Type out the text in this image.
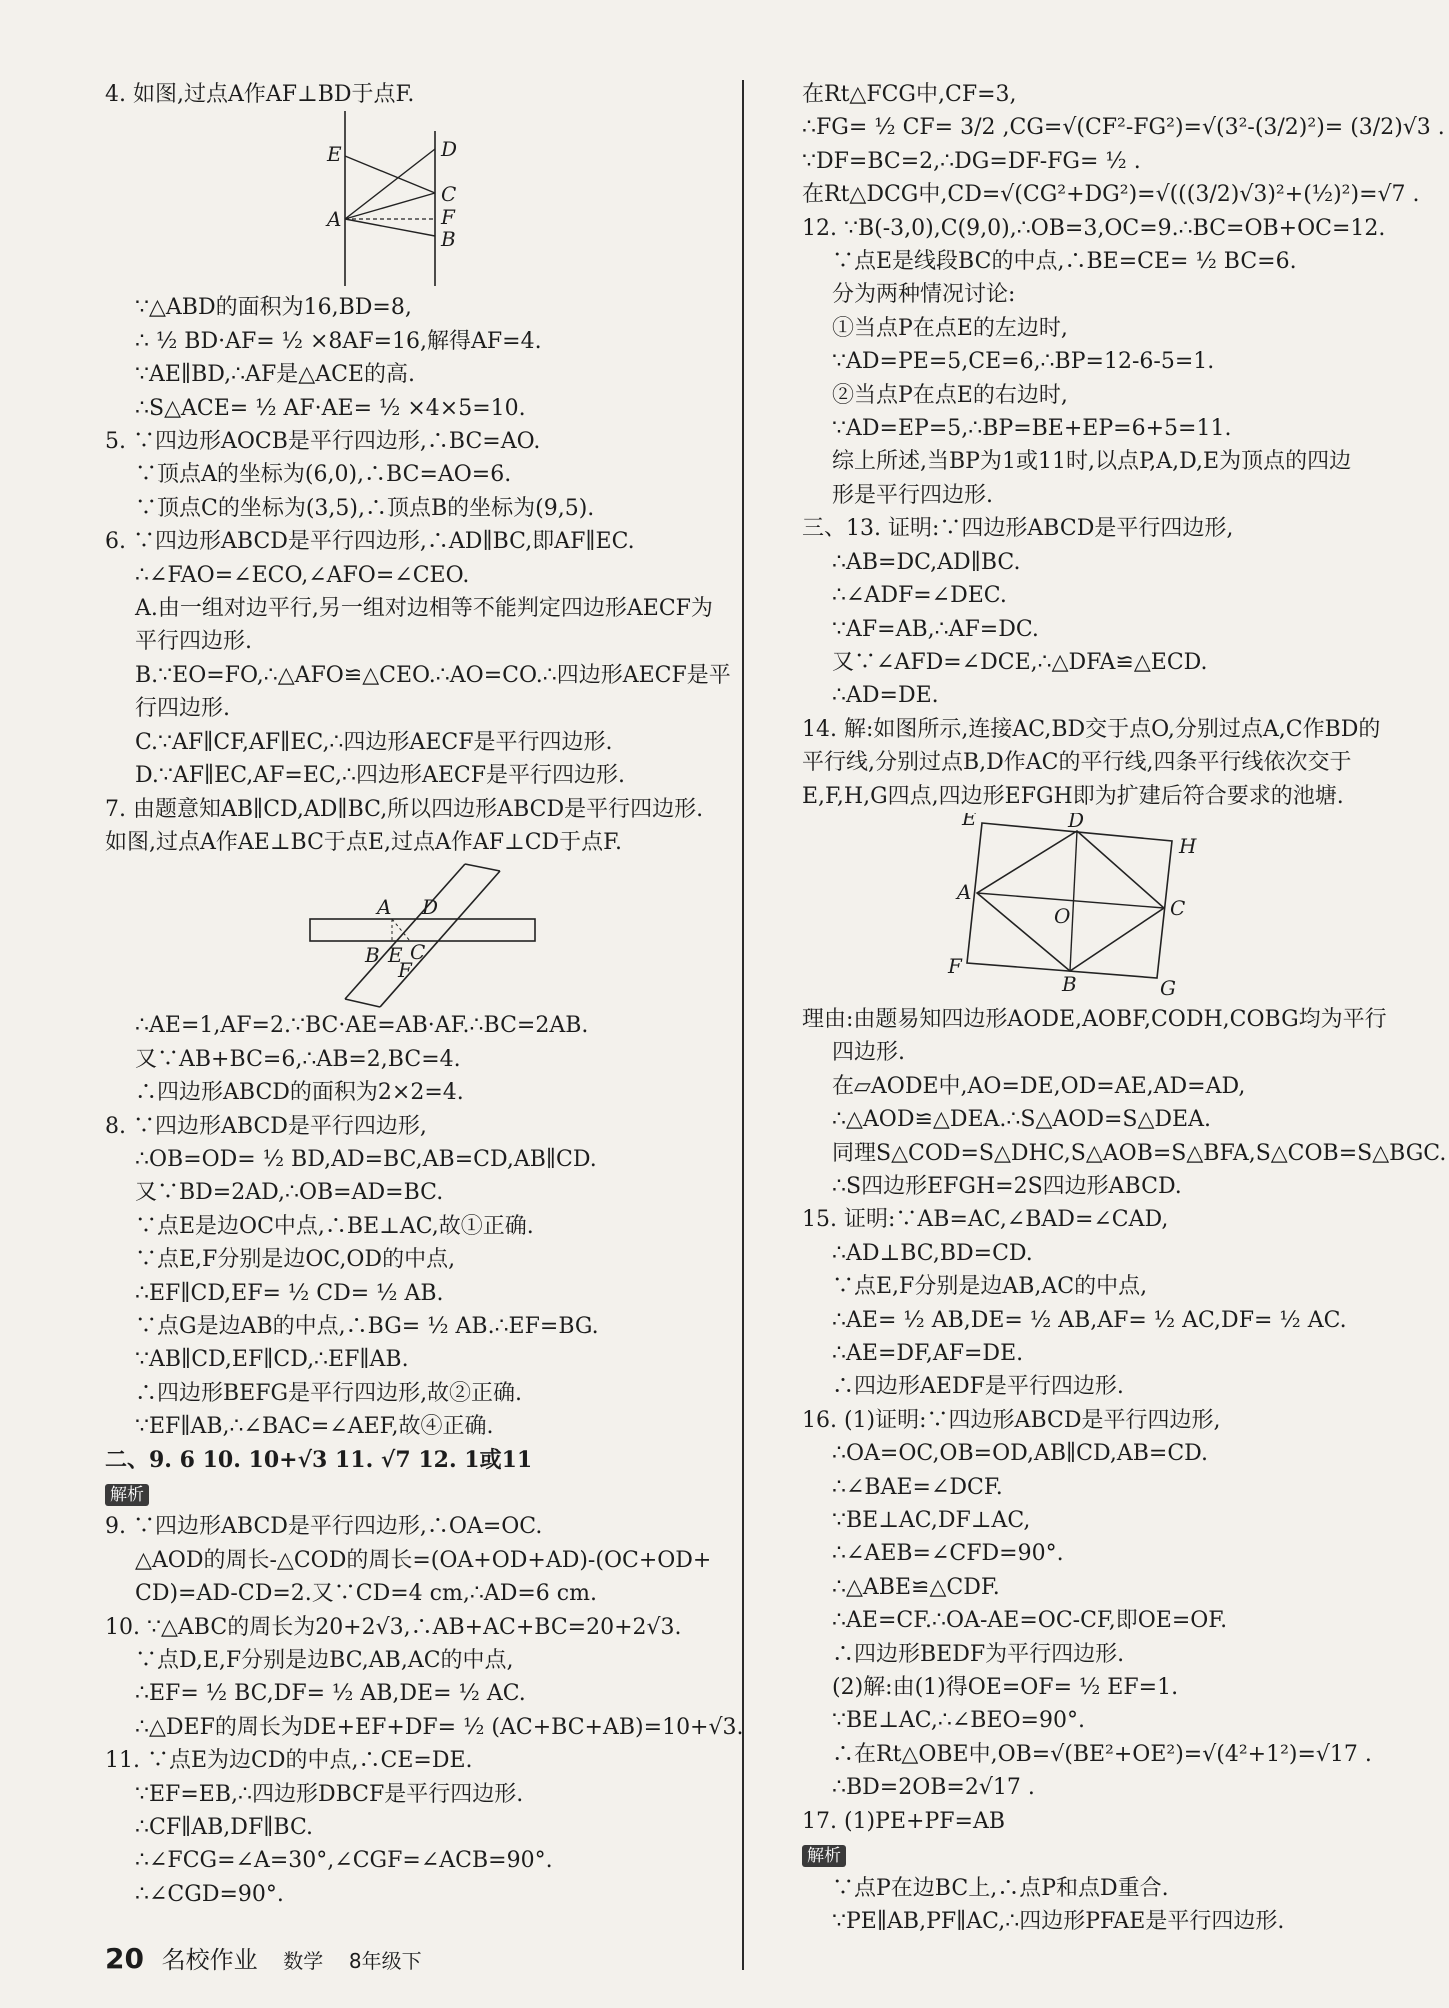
4. 如图,过点A作AF⊥BD于点F.
E	D
C
A	F
B
∵△ABD的面积为16,BD=8,
∴ ½ BD·AF= ½ ×8AF=16,解得AF=4.
∵AE∥BD,∴AF是△ACE的高.
∴S△ACE= ½ AF·AE= ½ ×4×5=10.
5. ∵四边形AOCB是平行四边形,∴BC=AO.
∵顶点A的坐标为(6,0),∴BC=AO=6.
∵顶点C的坐标为(3,5),∴顶点B的坐标为(9,5).
6. ∵四边形ABCD是平行四边形,∴AD∥BC,即AF∥EC.
∴∠FAO=∠ECO,∠AFO=∠CEO.
A.由一组对边平行,另一组对边相等不能判定四边形AECF为
平行四边形.
B.∵EO=FO,∴△AFO≌△CEO.∴AO=CO.∴四边形AECF是平
行四边形.
C.∵AF∥CF,AF∥EC,∴四边形AECF是平行四边形.
D.∵AF∥EC,AF=EC,∴四边形AECF是平行四边形.
7. 由题意知AB∥CD,AD∥BC,所以四边形ABCD是平行四边形.
如图,过点A作AE⊥BC于点E,过点A作AF⊥CD于点F.
A D
B E C
F
∴AE=1,AF=2.∵BC·AE=AB·AF.∴BC=2AB.
又∵AB+BC=6,∴AB=2,BC=4.
∴四边形ABCD的面积为2×2=4.
8. ∵四边形ABCD是平行四边形,
∴OB=OD= ½ BD,AD=BC,AB=CD,AB∥CD.
又∵BD=2AD,∴OB=AD=BC.
∵点E是边OC中点,∴BE⊥AC,故①正确.
∵点E,F分别是边OC,OD的中点,
∴EF∥CD,EF= ½ CD= ½ AB.
∵点G是边AB的中点,∴BG= ½ AB.∴EF=BG.
∵AB∥CD,EF∥CD,∴EF∥AB.
∴四边形BEFG是平行四边形,故②正确.
∵EF∥AB,∴∠BAC=∠AEF,故④正确.
二、9. 6 10. 10+√3 11. √7 12. 1或11
解析
9. ∵四边形ABCD是平行四边形,∴OA=OC.
△AOD的周长-△COD的周长=(OA+OD+AD)-(OC+OD+
CD)=AD-CD=2.又∵CD=4 cm,∴AD=6 cm.
10. ∵△ABC的周长为20+2√3,∴AB+AC+BC=20+2√3.
∵点D,E,F分别是边BC,AB,AC的中点,
∴EF= ½ BC,DF= ½ AB,DE= ½ AC.
∴△DEF的周长为DE+EF+DF= ½ (AC+BC+AB)=10+√3.
11. ∵点E为边CD的中点,∴CE=DE.
∵EF=EB,∴四边形DBCF是平行四边形.
∴CF∥AB,DF∥BC.
∴∠FCG=∠A=30°,∠CGF=∠ACB=90°.
∴∠CGD=90°.
在Rt△FCG中,CF=3,
∴FG= ½ CF= 3/2 ,CG=√(CF²-FG²)=√(3²-(3/2)²)= (3/2)√3 .
∵DF=BC=2,∴DG=DF-FG= ½ .
在Rt△DCG中,CD=√(CG²+DG²)=√(((3/2)√3)²+(½)²)=√7 .
12. ∵B(-3,0),C(9,0),∴OB=3,OC=9.∴BC=OB+OC=12.
∵点E是线段BC的中点,∴BE=CE= ½ BC=6.
分为两种情况讨论:
①当点P在点E的左边时,
∵AD=PE=5,CE=6,∴BP=12-6-5=1.
②当点P在点E的右边时,
∵AD=EP=5,∴BP=BE+EP=6+5=11.
综上所述,当BP为1或11时,以点P,A,D,E为顶点的四边
形是平行四边形.
三、13. 证明:∵四边形ABCD是平行四边形,
∴AB=DC,AD∥BC.
∴∠ADF=∠DEC.
∵AF=AB,∴AF=DC.
又∵∠AFD=∠DCE,∴△DFA≌△ECD.
∴AD=DE.
14. 解:如图所示,连接AC,BD交于点O,分别过点A,C作BD的
平行线,分别过点B,D作AC的平行线,四条平行线依次交于
E,F,H,G四点,四边形EFGH即为扩建后符合要求的池塘.
E	D
H
A
O	C
F
B	G
理由:由题易知四边形AODE,AOBF,CODH,COBG均为平行
四边形.
在▱AODE中,AO=DE,OD=AE,AD=AD,
∴△AOD≌△DEA.∴S△AOD=S△DEA.
同理S△COD=S△DHC,S△AOB=S△BFA,S△COB=S△BGC.
∴S四边形EFGH=2S四边形ABCD.
15. 证明:∵AB=AC,∠BAD=∠CAD,
∴AD⊥BC,BD=CD.
∵点E,F分别是边AB,AC的中点,
∴AE= ½ AB,DE= ½ AB,AF= ½ AC,DF= ½ AC.
∴AE=DF,AF=DE.
∴四边形AEDF是平行四边形.
16. (1)证明:∵四边形ABCD是平行四边形,
∴OA=OC,OB=OD,AB∥CD,AB=CD.
∴∠BAE=∠DCF.
∵BE⊥AC,DF⊥AC,
∴∠AEB=∠CFD=90°.
∴△ABE≌△CDF.
∴AE=CF.∴OA-AE=OC-CF,即OE=OF.
∴四边形BEDF为平行四边形.
(2)解:由(1)得OE=OF= ½ EF=1.
∵BE⊥AC,∴∠BEO=90°.
∴在Rt△OBE中,OB=√(BE²+OE²)=√(4²+1²)=√17 .
∴BD=2OB=2√17 .
17. (1)PE+PF=AB
解析
∵点P在边BC上,∴点P和点D重合.
∵PE∥AB,PF∥AC,∴四边形PFAE是平行四边形.
20 名校作业 数学 8年级下
